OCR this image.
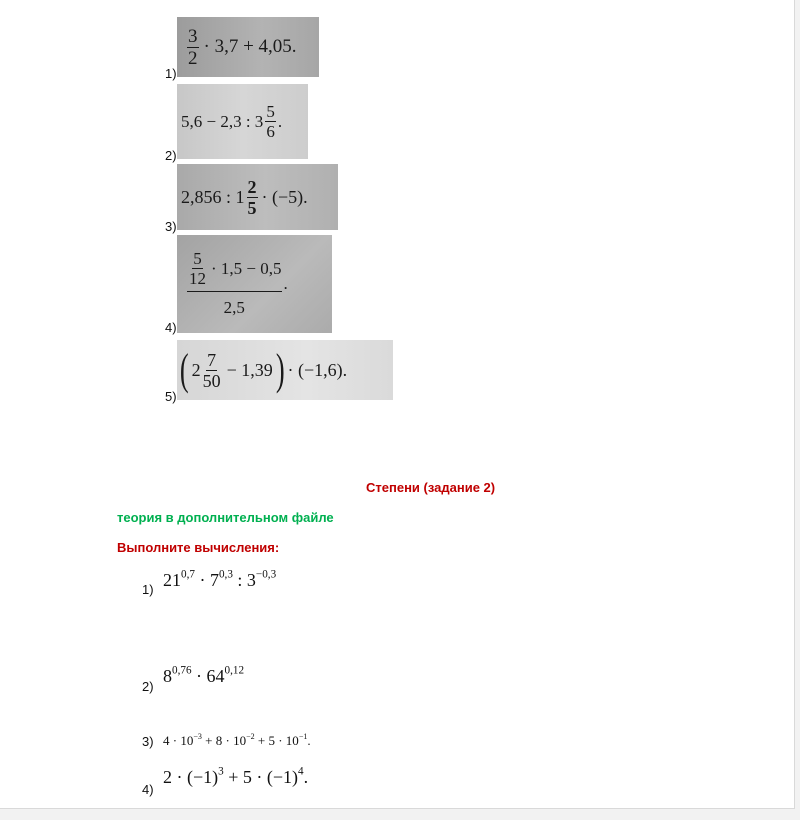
1)
$\frac{3}{2} \cdot 3,7 + 4,05$.
2)
5,6 − 2,3 : $3 \frac{5}{6}$ .
3)
2,856 : $1 \frac{2}{5} \cdot (-5)$.
4)
$\frac{\frac{5}{12} \cdot 1,5 - 0,5}{2,5}$ .
5)
( $2 \frac{7}{50} - 1,39$ ) · (−1,6).
Степени (задание 2)
теория в дополнительном файле
Выполните вычисления:
1) $21^{0,7} \cdot 7^{0,3}$ : $3^{-0,3}$
2)
$8^{0,76} \cdot 64^{0,12}$
3) $4 \cdot 10^{-3} + 8 \cdot 10^{-2} + 5 \cdot 10^{-1}$.
4)
$2 \cdot (-1)^3 + 5 \cdot (-1)^4$.
